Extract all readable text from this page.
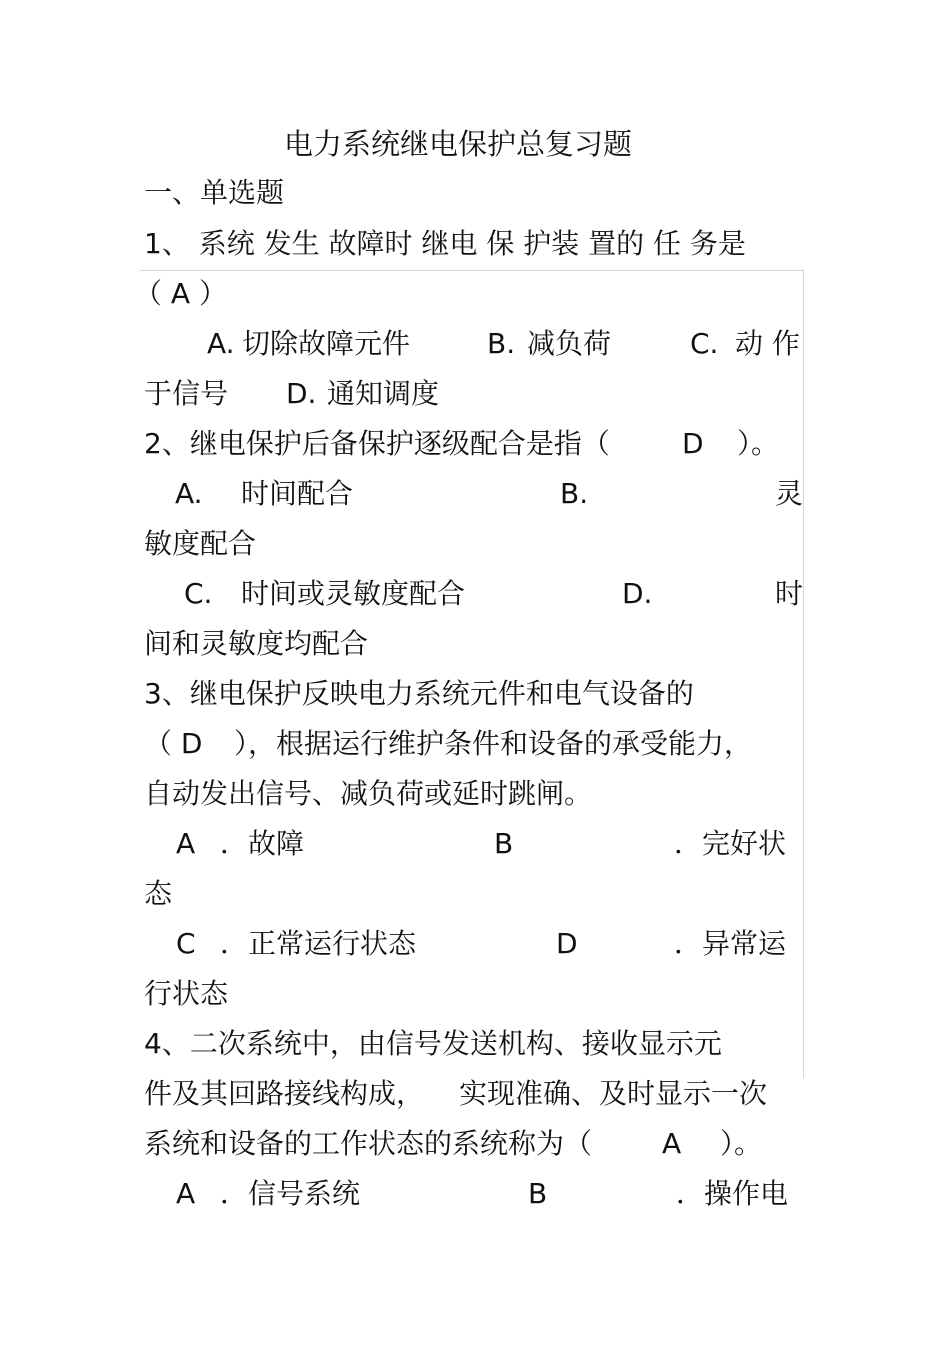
电力系统继电保护总复习题
一、单选题
1、 系统 发生 故障时 继电 保 护装 置的 任 务是
（ A ）
A. 切除故障元件	B. 减负荷	C. 动 作
于信号 D. 通知调度
2、继电保护后备保护逐级配合是指（	D ）。
A. 时间配合	B.	灵
敏度配合
C. 时间或灵敏度配合	D.	时
间和灵敏度均配合
3、继电保护反映电力系统元件和电气设备的
（ D ），根据运行维护条件和设备的承受能力，
自动发出信号、减负荷或延时跳闸。
A ．故障	B	．完好状
态
C ．正常运行状态	D	．异常运
行状态
4、二次系统中，由信号发送机构、接收显示元
件及其回路接线构成， 实现准确、及时显示一次
系统和设备的工作状态的系统称为（ A ）。
A ．信号系统	B	．操作电
